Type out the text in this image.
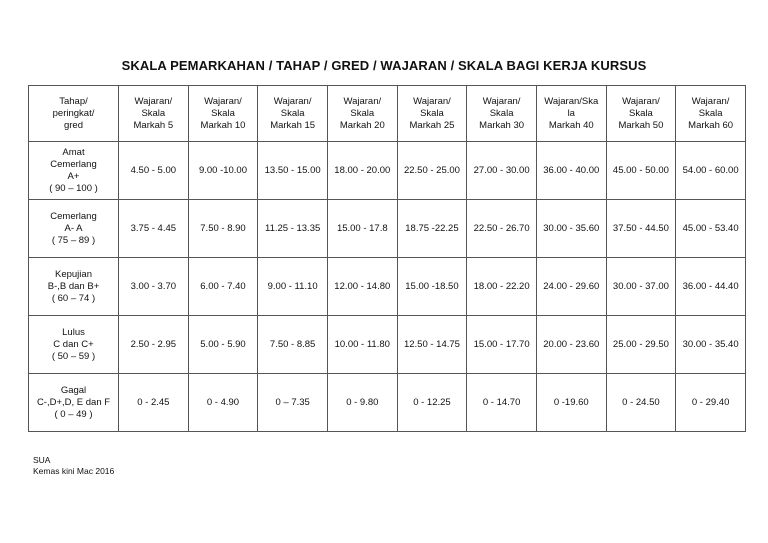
SKALA PEMARKAHAN / TAHAP / GRED / WAJARAN / SKALA BAGI KERJA KURSUS
Tahap/
peringkat/
gred	Wajaran/
Skala
Markah 5	Wajaran/
Skala
Markah 10	Wajaran/
Skala
Markah 15	Wajaran/
Skala
Markah 20	Wajaran/
Skala
Markah 25	Wajaran/
Skala
Markah 30	Wajaran/Ska
la
Markah 40	Wajaran/
Skala
Markah 50	Wajaran/
Skala
Markah 60

Amat
Cemerlang
A+
( 90 – 100 )	4.50 - 5.00	9.00 -10.00	13.50 - 15.00	18.00 - 20.00	22.50 - 25.00	27.00 - 30.00	36.00 - 40.00	45.00 - 50.00	54.00 - 60.00

Cemerlang
A- A
( 75 – 89 )	3.75 - 4.45	7.50 - 8.90	11.25 - 13.35	15.00 - 17.8	18.75 -22.25	22.50 - 26.70	30.00 - 35.60	37.50 - 44.50	45.00 - 53.40

Kepujian
B-,B dan B+
( 60 – 74 )	3.00 - 3.70	6.00 - 7.40	9.00 - 11.10	12.00 - 14.80	15.00 -18.50	18.00 - 22.20	24.00 - 29.60	30.00 - 37.00	36.00 - 44.40

Lulus
C dan C+
( 50 – 59 )	2.50 - 2.95	5.00 - 5.90	7.50 - 8.85	10.00 - 11.80	12.50 - 14.75	15.00 - 17.70	20.00 - 23.60	25.00 - 29.50	30.00 - 35.40

Gagal
C-,D+,D, E dan F
( 0 – 49 )	0 - 2.45	0 - 4.90	0 – 7.35	0 - 9.80	0 - 12.25	0 - 14.70	0 -19.60	0 - 24.50	0 - 29.40
SUA
Kemas kini Mac 2016
